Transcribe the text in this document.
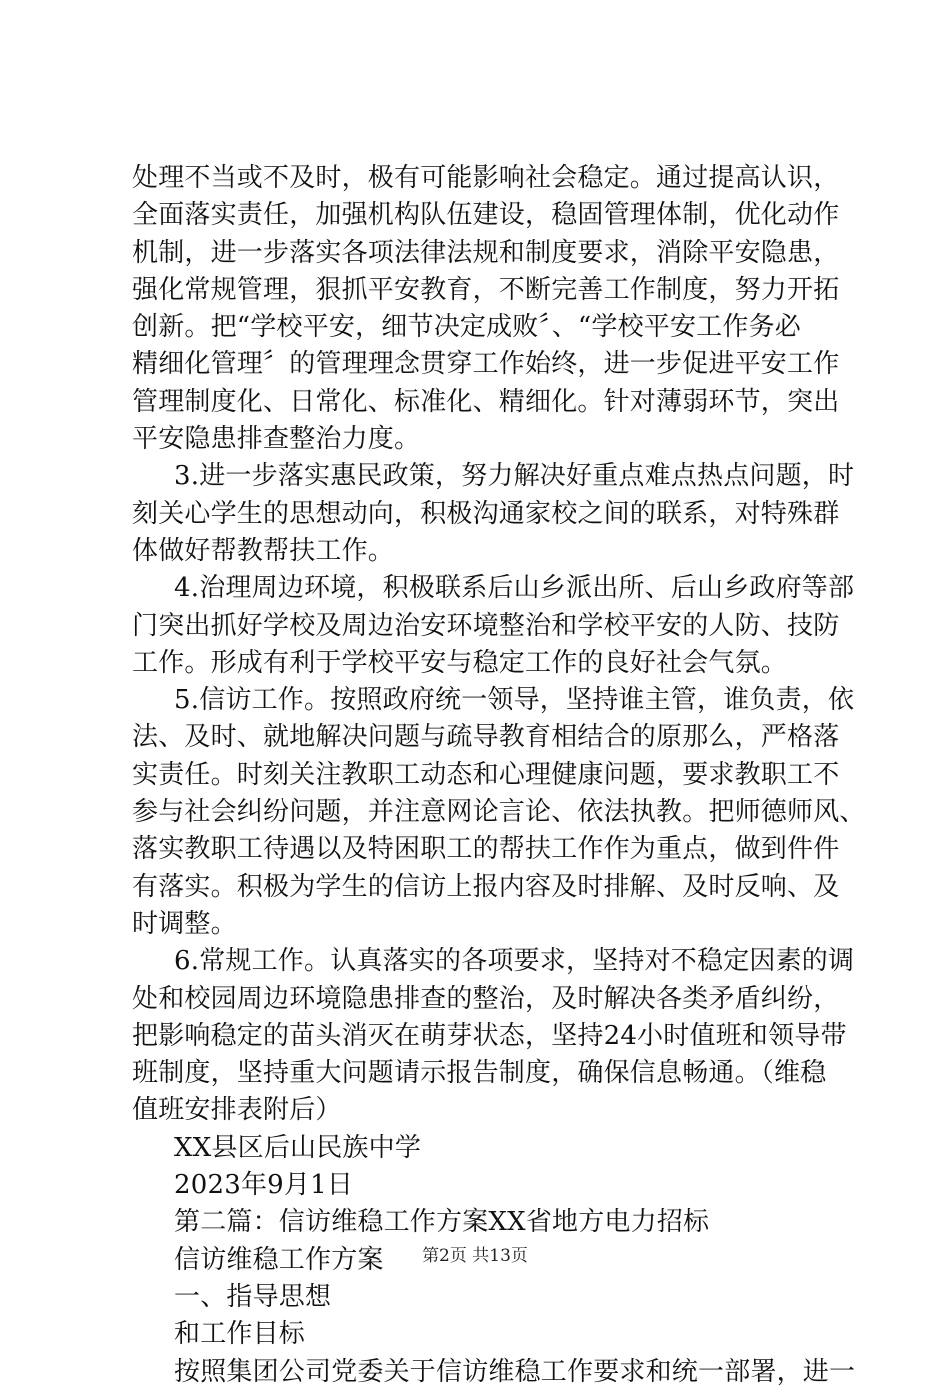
处理不当或不及时，极有可能影响社会稳定。通过提高认识，
全面落实责任，加强机构队伍建设，稳固管理体制，优化动作
机制，进一步落实各项法律法规和制度要求，消除平安隐患，
强化常规管理，狠抓平安教育，不断完善工作制度，努力开拓
创新。把“学校平安，细节决定成败〞、“学校平安工作务必
精细化管理〞的管理理念贯穿工作始终，进一步促进平安工作
管理制度化、日常化、标准化、精细化。针对薄弱环节，突出
平安隐患排查整治力度。
3.进一步落实惠民政策，努力解决好重点难点热点问题，时
刻关心学生的思想动向，积极沟通家校之间的联系，对特殊群
体做好帮教帮扶工作。
4.治理周边环境，积极联系后山乡派出所、后山乡政府等部
门突出抓好学校及周边治安环境整治和学校平安的人防、技防
工作。形成有利于学校平安与稳定工作的良好社会气氛。
5.信访工作。按照政府统一领导，坚持谁主管，谁负责，依
法、及时、就地解决问题与疏导教育相结合的原那么，严格落
实责任。时刻关注教职工动态和心理健康问题，要求教职工不
参与社会纠纷问题，并注意网论言论、依法执教。把师德师风、
落实教职工待遇以及特困职工的帮扶工作作为重点，做到件件
有落实。积极为学生的信访上报内容及时排解、及时反响、及
时调整。
6.常规工作。认真落实的各项要求，坚持对不稳定因素的调
处和校园周边环境隐患排查的整治，及时解决各类矛盾纠纷，
把影响稳定的苗头消灭在萌芽状态，坚持24小时值班和领导带
班制度，坚持重大问题请示报告制度，确保信息畅通。（维稳
值班安排表附后）
XX县区后山民族中学
2023年9月1日
第二篇：信访维稳工作方案XX省地方电力招标
信访维稳工作方案
一、指导思想
和工作目标
按照集团公司党委关于信访维稳工作要求和统一部署，进一
第2页 共13页
